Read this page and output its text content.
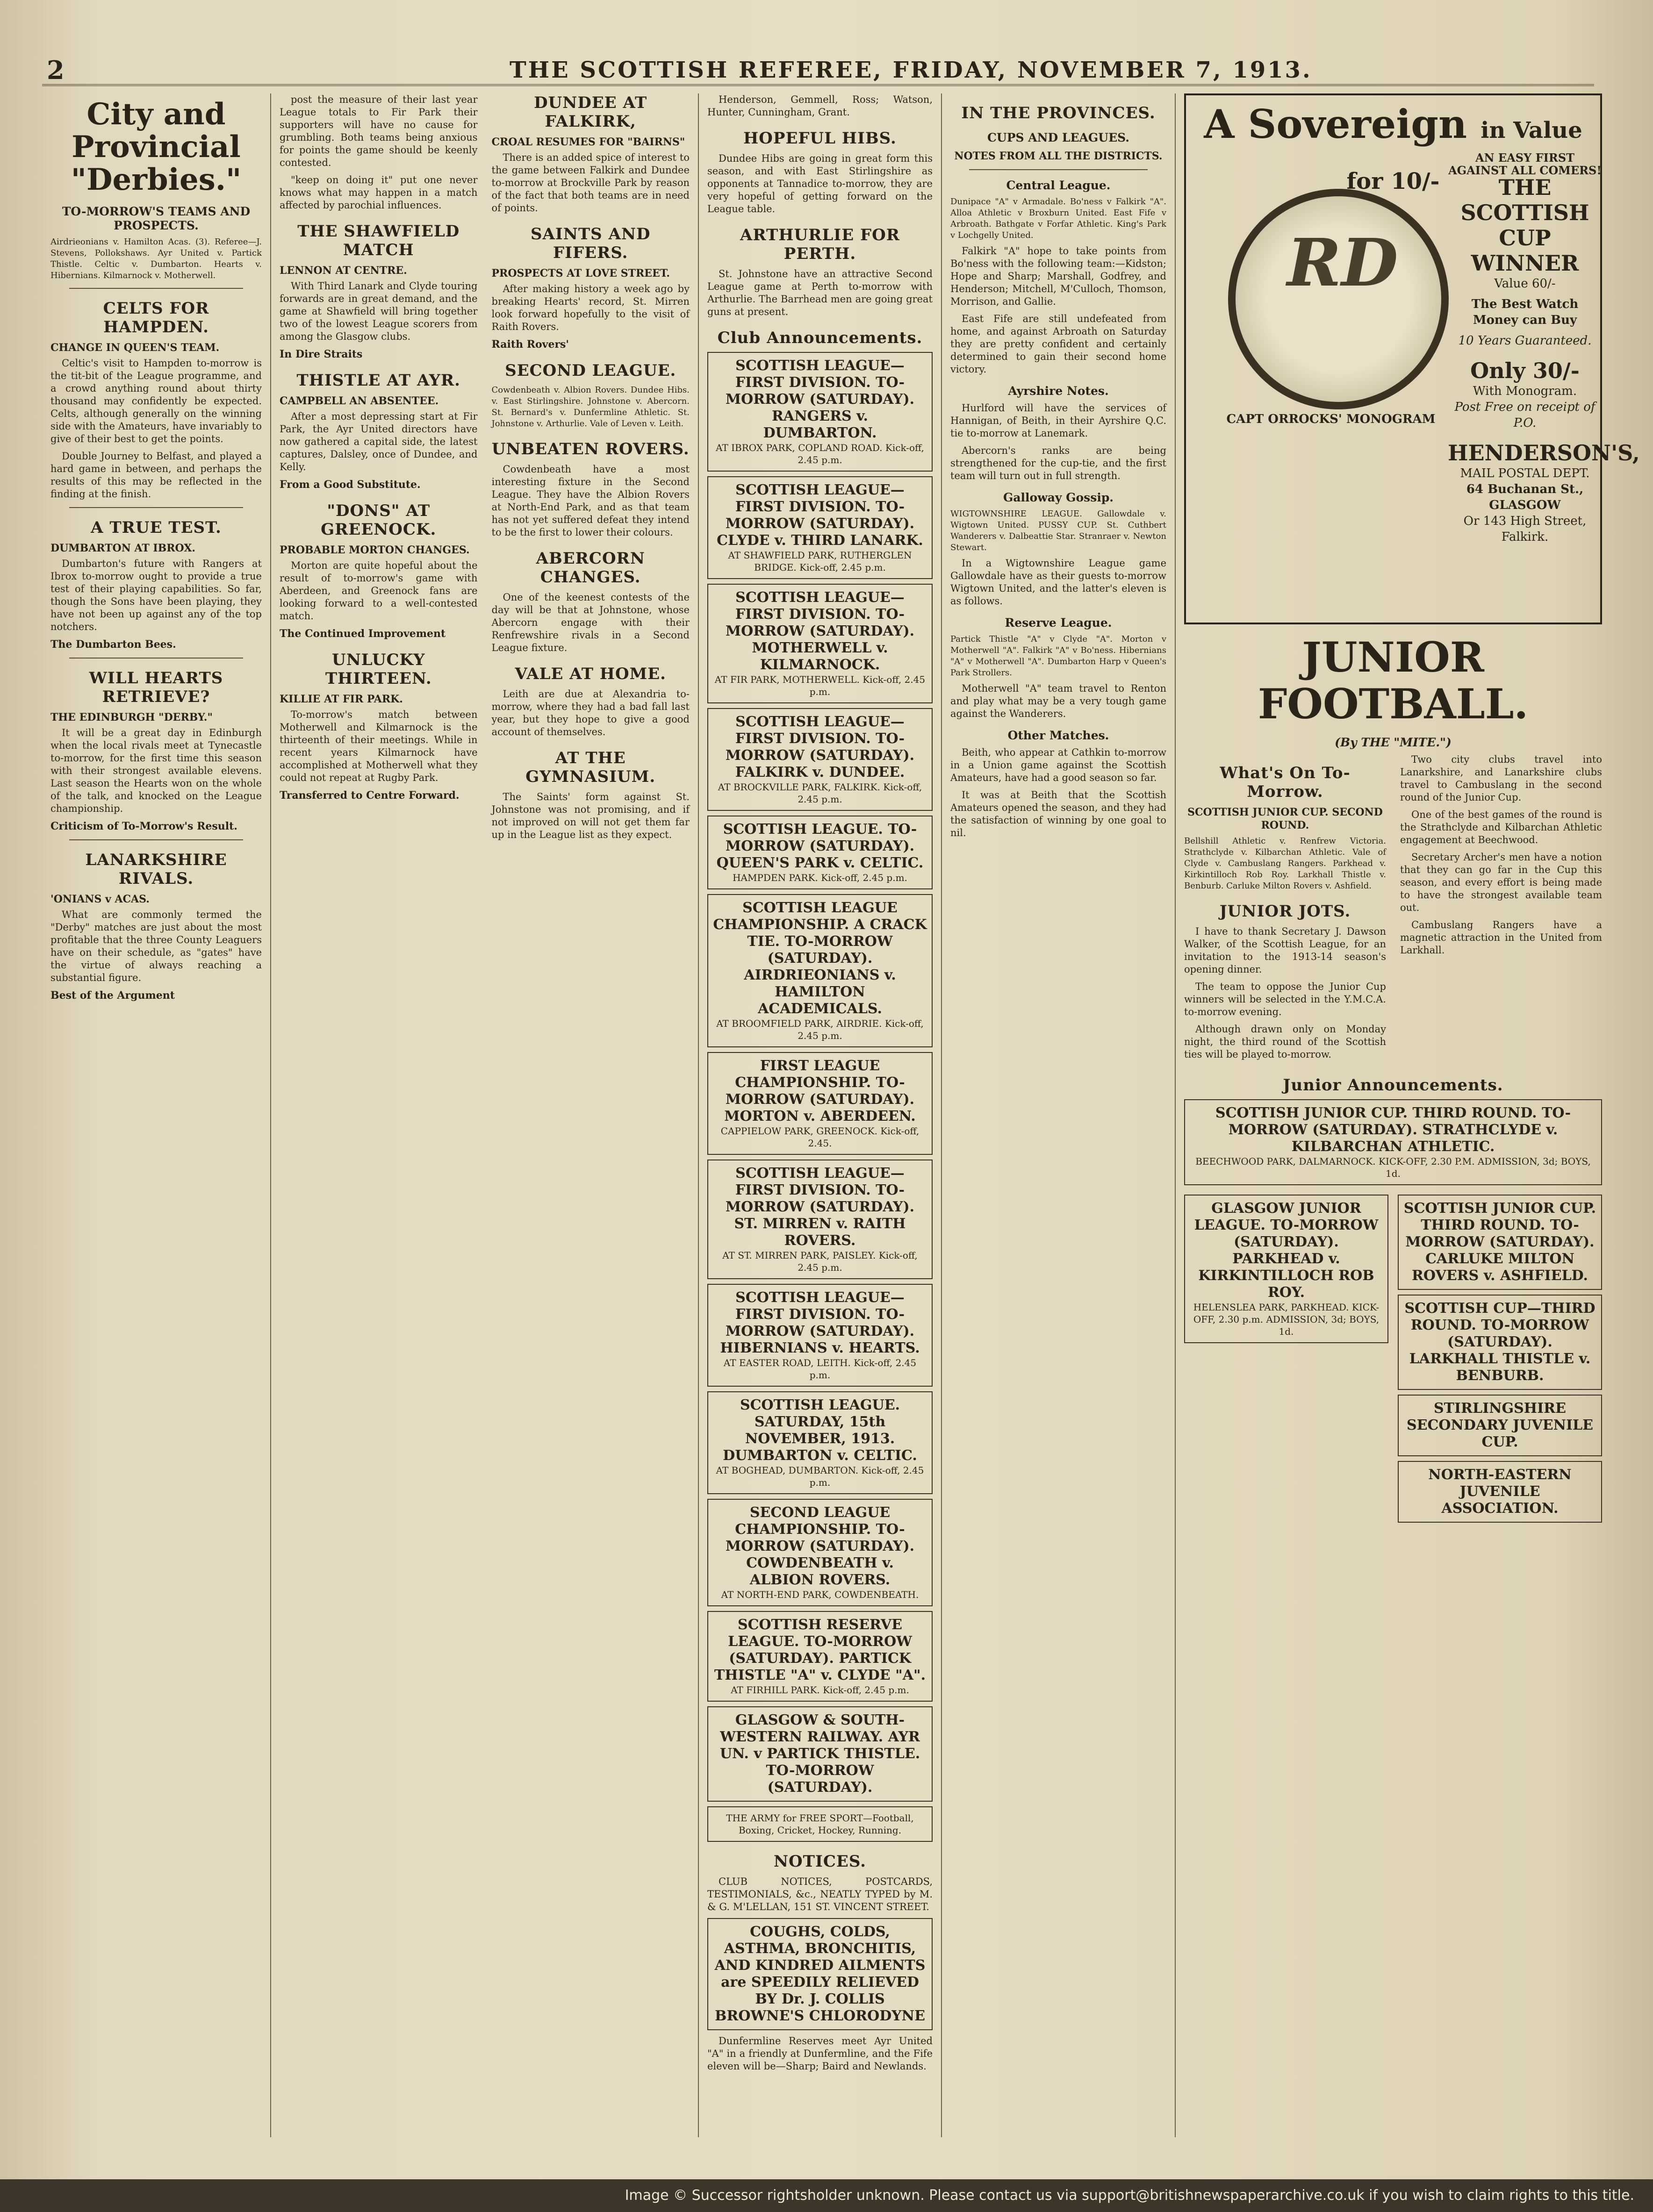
2	THE SCOTTISH REFEREE, FRIDAY, NOVEMBER 7, 1913.
City and Provincial "Derbies."
TO-MORROW'S TEAMS AND PROSPECTS.
Airdrieonians v. Hamilton Acas. (3). Referee—J. Stevens, Pollokshaws. Ayr United v. Partick Thistle. Celtic v. Dumbarton. Hearts v. Hibernians. Kilmarnock v. Motherwell.
CELTS FOR HAMPDEN.
CHANGE IN QUEEN'S TEAM.

Celtic's visit to Hampden to-morrow is the tit-bit of the League programme, and a crowd anything round about thirty thousand may confidently be expected. Celts, although generally on the winning side with the Amateurs, have invariably to give of their best to get the points.

Double Journey to Belfast, and played a hard game in between, and perhaps the results of this may be reflected in the finding at the finish.

A TRUE TEST.
DUMBARTON AT IBROX.

Dumbarton's future with Rangers at Ibrox to-morrow ought to provide a true test of their playing capabilities. So far, though the Sons have been playing, they have not been up against any of the top notchers.

The Dumbarton Bees.
WILL HEARTS RETRIEVE?
THE EDINBURGH "DERBY."

It will be a great day in Edinburgh when the local rivals meet at Tynecastle to-morrow, for the first time this season with their strongest available elevens. Last season the Hearts won on the whole of the talk, and knocked on the League championship.

Criticism of To-Morrow's Result.
LANARKSHIRE RIVALS.
'ONIANS v ACAS.

What are commonly termed the "Derby" matches are just about the most profitable that the three County Leaguers have on their schedule, as "gates" have the virtue of always reaching a substantial figure.

Best of the Argument

post the measure of their last year League totals to Fir Park their supporters will have no cause for grumbling. Both teams being anxious for points the game should be keenly contested.

"keep on doing it" put one never knows what may happen in a match affected by parochial influences.

THE SHAWFIELD MATCH
LENNON AT CENTRE.

With Third Lanark and Clyde touring forwards are in great demand, and the game at Shawfield will bring together two of the lowest League scorers from among the Glasgow clubs.

In Dire Straits
THISTLE AT AYR.
CAMPBELL AN ABSENTEE.

After a most depressing start at Fir Park, the Ayr United directors have now gathered a capital side, the latest captures, Dalsley, once of Dundee, and Kelly.

From a Good Substitute.
"DONS" AT GREENOCK.
PROBABLE MORTON CHANGES.

Morton are quite hopeful about the result of to-morrow's game with Aberdeen, and Greenock fans are looking forward to a well-contested match.

The Continued Improvement
UNLUCKY THIRTEEN.
KILLIE AT FIR PARK.

To-morrow's match between Motherwell and Kilmarnock is the thirteenth of their meetings. While in recent years Kilmarnock have accomplished at Motherwell what they could not repeat at Rugby Park.

Transferred to Centre Forward.
DUNDEE AT FALKIRK,
CROAL RESUMES FOR "BAIRNS"

There is an added spice of interest to the game between Falkirk and Dundee to-morrow at Brockville Park by reason of the fact that both teams are in need of points.

SAINTS AND FIFERS.
PROSPECTS AT LOVE STREET.

After making history a week ago by breaking Hearts' record, St. Mirren look forward hopefully to the visit of Raith Rovers.

Raith Rovers'
SECOND LEAGUE.
Cowdenbeath v. Albion Rovers. Dundee Hibs. v. East Stirlingshire. Johnstone v. Abercorn. St. Bernard's v. Dunfermline Athletic. St. Johnstone v. Arthurlie. Vale of Leven v. Leith.
UNBEATEN ROVERS.

Cowdenbeath have a most interesting fixture in the Second League. They have the Albion Rovers at North-End Park, and as that team has not yet suffered defeat they intend to be the first to lower their colours.

ABERCORN CHANGES.

One of the keenest contests of the day will be that at Johnstone, whose Abercorn engage with their Renfrewshire rivals in a Second League fixture.

VALE AT HOME.

Leith are due at Alexandria to-morrow, where they had a bad fall last year, but they hope to give a good account of themselves.

AT THE GYMNASIUM.

The Saints' form against St. Johnstone was not promising, and if not improved on will not get them far up in the League list as they expect.

Henderson, Gemmell, Ross; Watson, Hunter, Cunningham, Grant.

HOPEFUL HIBS.

Dundee Hibs are going in great form this season, and with East Stirlingshire as opponents at Tannadice to-morrow, they are very hopeful of getting forward on the League table.

ARTHURLIE FOR PERTH.

St. Johnstone have an attractive Second League game at Perth to-morrow with Arthurlie. The Barrhead men are going great guns at present.

Club Announcements.
SCOTTISH LEAGUE—FIRST DIVISION. TO-MORROW (SATURDAY). RANGERS v. DUMBARTON.
AT IBROX PARK, COPLAND ROAD. Kick-off, 2.45 p.m.
SCOTTISH LEAGUE—FIRST DIVISION. TO-MORROW (SATURDAY). CLYDE v. THIRD LANARK.
AT SHAWFIELD PARK, RUTHERGLEN BRIDGE. Kick-off, 2.45 p.m.
SCOTTISH LEAGUE—FIRST DIVISION. TO-MORROW (SATURDAY). MOTHERWELL v. KILMARNOCK.
AT FIR PARK, MOTHERWELL. Kick-off, 2.45 p.m.
SCOTTISH LEAGUE—FIRST DIVISION. TO-MORROW (SATURDAY). FALKIRK v. DUNDEE.
AT BROCKVILLE PARK, FALKIRK. Kick-off, 2.45 p.m.
SCOTTISH LEAGUE. TO-MORROW (SATURDAY). QUEEN'S PARK v. CELTIC.
HAMPDEN PARK. Kick-off, 2.45 p.m.
SCOTTISH LEAGUE CHAMPIONSHIP. A CRACK TIE. TO-MORROW (SATURDAY). AIRDRIEONIANS v. HAMILTON ACADEMICALS.
AT BROOMFIELD PARK, AIRDRIE. Kick-off, 2.45 p.m.
FIRST LEAGUE CHAMPIONSHIP. TO-MORROW (SATURDAY). MORTON v. ABERDEEN.
CAPPIELOW PARK, GREENOCK. Kick-off, 2.45.
SCOTTISH LEAGUE—FIRST DIVISION. TO-MORROW (SATURDAY). ST. MIRREN v. RAITH ROVERS.
AT ST. MIRREN PARK, PAISLEY. Kick-off, 2.45 p.m.
SCOTTISH LEAGUE—FIRST DIVISION. TO-MORROW (SATURDAY). HIBERNIANS v. HEARTS.
AT EASTER ROAD, LEITH. Kick-off, 2.45 p.m.
SCOTTISH LEAGUE. SATURDAY, 15th NOVEMBER, 1913. DUMBARTON v. CELTIC.
AT BOGHEAD, DUMBARTON. Kick-off, 2.45 p.m.
SECOND LEAGUE CHAMPIONSHIP. TO-MORROW (SATURDAY). COWDENBEATH v. ALBION ROVERS.
AT NORTH-END PARK, COWDENBEATH.
SCOTTISH RESERVE LEAGUE. TO-MORROW (SATURDAY). PARTICK THISTLE "A" v. CLYDE "A".
AT FIRHILL PARK. Kick-off, 2.45 p.m.
GLASGOW & SOUTH-WESTERN RAILWAY. AYR UN. v PARTICK THISTLE. TO-MORROW (SATURDAY).
THE ARMY for FREE SPORT—Football, Boxing, Cricket, Hockey, Running.
NOTICES.

CLUB NOTICES, POSTCARDS, TESTIMONIALS, &c., NEATLY TYPED by M. & G. M'LELLAN, 151 ST. VINCENT STREET.

COUGHS, COLDS, ASTHMA, BRONCHITIS, AND KINDRED AILMENTS are SPEEDILY RELIEVED BY Dr. J. COLLIS BROWNE'S CHLORODYNE

Dunfermline Reserves meet Ayr United "A" in a friendly at Dunfermline, and the Fife eleven will be—Sharp; Baird and Newlands.

IN THE PROVINCES.
CUPS AND LEAGUES.
NOTES FROM ALL THE DISTRICTS.
Central League.
Dunipace "A" v Armadale. Bo'ness v Falkirk "A". Alloa Athletic v Broxburn United. East Fife v Arbroath. Bathgate v Forfar Athletic. King's Park v Lochgelly United.

Falkirk "A" hope to take points from Bo'ness with the following team:—Kidston; Hope and Sharp; Marshall, Godfrey, and Henderson; Mitchell, M'Culloch, Thomson, Morrison, and Gallie.

East Fife are still undefeated from home, and against Arbroath on Saturday they are pretty confident and certainly determined to gain their second home victory.

Ayrshire Notes.

Hurlford will have the services of Hannigan, of Beith, in their Ayrshire Q.C. tie to-morrow at Lanemark.

Abercorn's ranks are being strengthened for the cup-tie, and the first team will turn out in full strength.

Galloway Gossip.
WIGTOWNSHIRE LEAGUE. Gallowdale v. Wigtown United. PUSSY CUP. St. Cuthbert Wanderers v. Dalbeattie Star. Stranraer v. Newton Stewart.

In a Wigtownshire League game Gallowdale have as their guests to-morrow Wigtown United, and the latter's eleven is as follows.

Reserve League.
Partick Thistle "A" v Clyde "A". Morton v Motherwell "A". Falkirk "A" v Bo'ness. Hibernians "A" v Motherwell "A". Dumbarton Harp v Queen's Park Strollers.

Motherwell "A" team travel to Renton and play what may be a very tough game against the Wanderers.

Other Matches.

Beith, who appear at Cathkin to-morrow in a Union game against the Scottish Amateurs, have had a good season so far.

It was at Beith that the Scottish Amateurs opened the season, and they had the satisfaction of winning by one goal to nil.

A Sovereign in Value for 10/-
AN EASY FIRST AGAINST ALL COMERS!
RD
THE SCOTTISH CUP WINNER
Value 60/-
The Best Watch Money can Buy
10 Years Guaranteed.
Only 30/-
With Monogram.
Post Free on receipt of P.O.
HENDERSON'S,
MAIL POSTAL DEPT.
64 Buchanan St., GLASGOW
Or 143 High Street, Falkirk.
CAPT ORROCKS' MONOGRAM
JUNIOR FOOTBALL.
(By THE "MITE.")
What's On To-Morrow.
SCOTTISH JUNIOR CUP. SECOND ROUND.
Bellshill Athletic v. Renfrew Victoria. Strathclyde v. Kilbarchan Athletic. Vale of Clyde v. Cambuslang Rangers. Parkhead v. Kirkintilloch Rob Roy. Larkhall Thistle v. Benburb. Carluke Milton Rovers v. Ashfield.
JUNIOR JOTS.

I have to thank Secretary J. Dawson Walker, of the Scottish League, for an invitation to the 1913-14 season's opening dinner.

The team to oppose the Junior Cup winners will be selected in the Y.M.C.A. to-morrow evening.

Although drawn only on Monday night, the third round of the Scottish ties will be played to-morrow.

Two city clubs travel into Lanarkshire, and Lanarkshire clubs travel to Cambuslang in the second round of the Junior Cup.

One of the best games of the round is the Strathclyde and Kilbarchan Athletic engagement at Beechwood.

Secretary Archer's men have a notion that they can go far in the Cup this season, and every effort is being made to have the strongest available team out.

Cambuslang Rangers have a magnetic attraction in the United from Larkhall.

Junior Announcements.
SCOTTISH JUNIOR CUP. THIRD ROUND. TO-MORROW (SATURDAY). STRATHCLYDE v. KILBARCHAN ATHLETIC.
BEECHWOOD PARK, DALMARNOCK. KICK-OFF, 2.30 P.M. ADMISSION, 3d; BOYS, 1d.
GLASGOW JUNIOR LEAGUE. TO-MORROW (SATURDAY). PARKHEAD v. KIRKINTILLOCH ROB ROY.
HELENSLEA PARK, PARKHEAD. KICK-OFF, 2.30 p.m. ADMISSION, 3d; BOYS, 1d.
SCOTTISH JUNIOR CUP. THIRD ROUND. TO-MORROW (SATURDAY). CARLUKE MILTON ROVERS v. ASHFIELD.
SCOTTISH CUP—THIRD ROUND. TO-MORROW (SATURDAY). LARKHALL THISTLE v. BENBURB.
STIRLINGSHIRE SECONDARY JUVENILE CUP.
NORTH-EASTERN JUVENILE ASSOCIATION.
Image © Successor rightsholder unknown. Please contact us via support@britishnewspaperarchive.co.uk if you wish to claim rights to this title.
